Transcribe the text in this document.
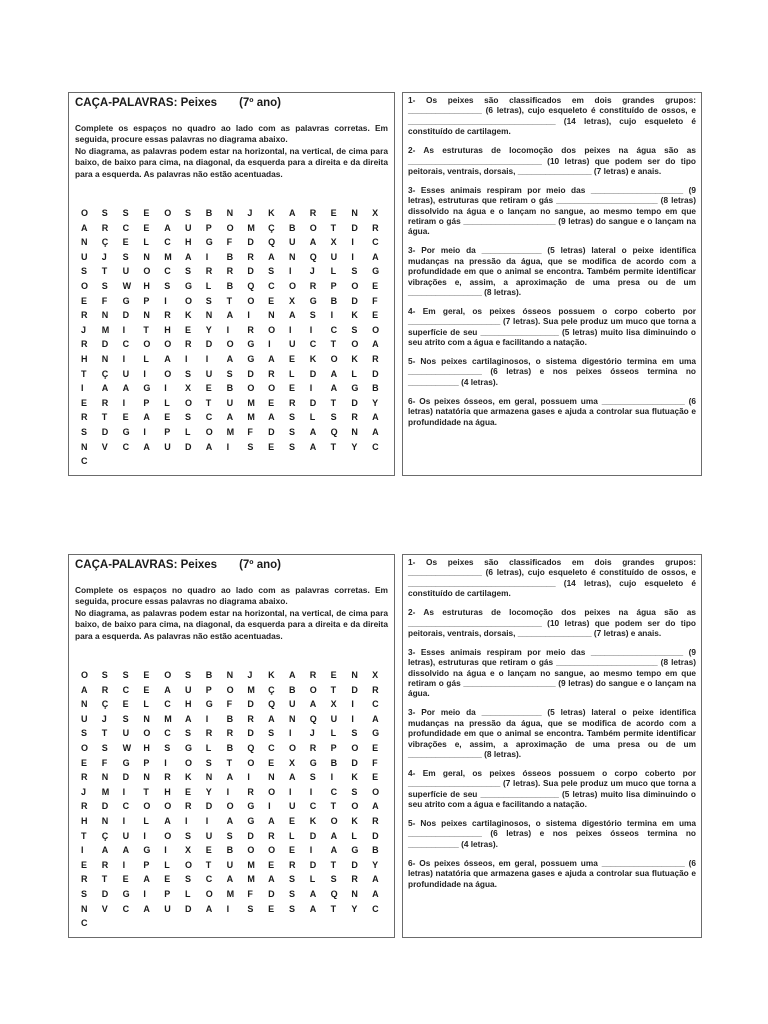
CAÇA-PALAVRAS: Peixes (7º ano)

Complete os espaços no quadro ao lado com as palavras corretas. Em seguida, procure essas palavras no diagrama abaixo.

No diagrama, as palavras podem estar na horizontal, na vertical, de cima para baixo, de baixo para cima, na diagonal, da esquerda para a direita e da direita para a esquerda. As palavras não estão acentuadas.

O	S	S	E	O	S	B	N	J	K	A	R	E	N	X
A	R	C	E	A	U	P	O	M	Ç	B	O	T	D	R
N	Ç	E	L	C	H	G	F	D	Q	U	A	X	I	C
U	J	S	N	M	A	I	B	R	A	N	Q	U	I	A
S	T	U	O	C	S	R	R	D	S	I	J	L	S	G
O	S	W	H	S	G	L	B	Q	C	O	R	P	O	E
E	F	G	P	I	O	S	T	O	E	X	G	B	D	F
R	N	D	N	R	K	N	A	I	N	A	S	I	K	E
J	M	I	T	H	E	Y	I	R	O	I	I	C	S	O
R	D	C	O	O	R	D	O	G	I	U	C	T	O	A
H	N	I	L	A	I	I	A	G	A	E	K	O	K	R
T	Ç	U	I	O	S	U	S	D	R	L	D	A	L	D
I	A	A	G	I	X	E	B	O	O	E	I	A	G	B
E	R	I	P	L	O	T	U	M	E	R	D	T	D	Y
R	T	E	A	E	S	C	A	M	A	S	L	S	R	A
S	D	G	I	P	L	O	M	F	D	S	A	Q	N	A
N	V	C	A	U	D	A	I	S	E	S	A	T	Y	C
C
1- Os peixes são classificados em dois grandes grupos: ________________ (6 letras), cujo esqueleto é constituído de ossos, e ________________________________ (14 letras), cujo esqueleto é constituído de cartilagem.
2- As estruturas de locomoção dos peixes na água são as _____________________________ (10 letras) que podem ser do tipo peitorais, ventrais, dorsais, ________________ (7 letras) e anais.
3- Esses animais respiram por meio das ____________________ (9 letras), estruturas que retiram o gás ______________________ (8 letras) dissolvido na água e o lançam no sangue, ao mesmo tempo em que retiram o gás ____________________ (9 letras) do sangue e o lançam na água.
3- Por meio da _____________ (5 letras) lateral o peixe identifica mudanças na pressão da água, que se modifica de acordo com a profundidade em que o animal se encontra. Também permite identificar vibrações e, assim, a aproximação de uma presa ou de um ________________ (8 letras).
4- Em geral, os peixes ósseos possuem o corpo coberto por ____________________ (7 letras). Sua pele produz um muco que torna a superfície de seu _________________ (5 letras) muito lisa diminuindo o seu atrito com a água e facilitando a natação.
5- Nos peixes cartilaginosos, o sistema digestório termina em uma ________________ (6 letras) e nos peixes ósseos termina no ___________ (4 letras).
6- Os peixes ósseos, em geral, possuem uma __________________ (6 letras) natatória que armazena gases e ajuda a controlar sua flutuação e profundidade na água.
CAÇA-PALAVRAS: Peixes (7º ano)

Complete os espaços no quadro ao lado com as palavras corretas. Em seguida, procure essas palavras no diagrama abaixo.

No diagrama, as palavras podem estar na horizontal, na vertical, de cima para baixo, de baixo para cima, na diagonal, da esquerda para a direita e da direita para a esquerda. As palavras não estão acentuadas.

O	S	S	E	O	S	B	N	J	K	A	R	E	N	X
A	R	C	E	A	U	P	O	M	Ç	B	O	T	D	R
N	Ç	E	L	C	H	G	F	D	Q	U	A	X	I	C
U	J	S	N	M	A	I	B	R	A	N	Q	U	I	A
S	T	U	O	C	S	R	R	D	S	I	J	L	S	G
O	S	W	H	S	G	L	B	Q	C	O	R	P	O	E
E	F	G	P	I	O	S	T	O	E	X	G	B	D	F
R	N	D	N	R	K	N	A	I	N	A	S	I	K	E
J	M	I	T	H	E	Y	I	R	O	I	I	C	S	O
R	D	C	O	O	R	D	O	G	I	U	C	T	O	A
H	N	I	L	A	I	I	A	G	A	E	K	O	K	R
T	Ç	U	I	O	S	U	S	D	R	L	D	A	L	D
I	A	A	G	I	X	E	B	O	O	E	I	A	G	B
E	R	I	P	L	O	T	U	M	E	R	D	T	D	Y
R	T	E	A	E	S	C	A	M	A	S	L	S	R	A
S	D	G	I	P	L	O	M	F	D	S	A	Q	N	A
N	V	C	A	U	D	A	I	S	E	S	A	T	Y	C
C
1- Os peixes são classificados em dois grandes grupos: ________________ (6 letras), cujo esqueleto é constituído de ossos, e ________________________________ (14 letras), cujo esqueleto é constituído de cartilagem.
2- As estruturas de locomoção dos peixes na água são as _____________________________ (10 letras) que podem ser do tipo peitorais, ventrais, dorsais, ________________ (7 letras) e anais.
3- Esses animais respiram por meio das ____________________ (9 letras), estruturas que retiram o gás ______________________ (8 letras) dissolvido na água e o lançam no sangue, ao mesmo tempo em que retiram o gás ____________________ (9 letras) do sangue e o lançam na água.
3- Por meio da _____________ (5 letras) lateral o peixe identifica mudanças na pressão da água, que se modifica de acordo com a profundidade em que o animal se encontra. Também permite identificar vibrações e, assim, a aproximação de uma presa ou de um ________________ (8 letras).
4- Em geral, os peixes ósseos possuem o corpo coberto por ____________________ (7 letras). Sua pele produz um muco que torna a superfície de seu _________________ (5 letras) muito lisa diminuindo o seu atrito com a água e facilitando a natação.
5- Nos peixes cartilaginosos, o sistema digestório termina em uma ________________ (6 letras) e nos peixes ósseos termina no ___________ (4 letras).
6- Os peixes ósseos, em geral, possuem uma __________________ (6 letras) natatória que armazena gases e ajuda a controlar sua flutuação e profundidade na água.
